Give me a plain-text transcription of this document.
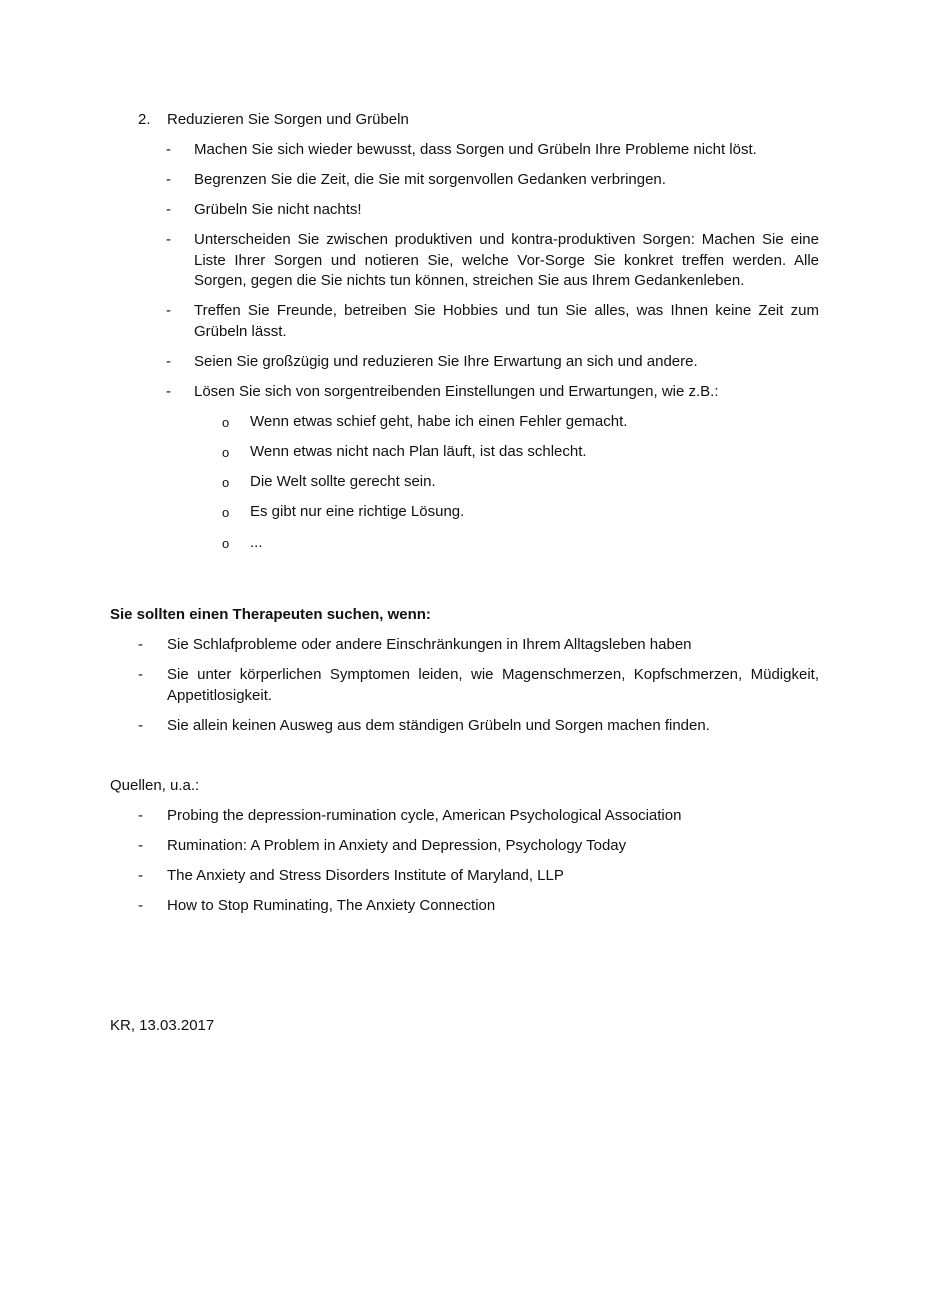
2. Reduzieren Sie Sorgen und Grübeln
- Machen Sie sich wieder bewusst, dass Sorgen und Grübeln Ihre Probleme nicht löst.
- Begrenzen Sie die Zeit, die Sie mit sorgenvollen Gedanken verbringen.
- Grübeln Sie nicht nachts!
- Unterscheiden Sie zwischen produktiven und kontra-produktiven Sorgen: Machen Sie eine Liste Ihrer Sorgen und notieren Sie, welche Vor-Sorge Sie konkret treffen werden. Alle Sorgen, gegen die Sie nichts tun können, streichen Sie aus Ihrem Gedankenleben.
- Treffen Sie Freunde, betreiben Sie Hobbies und tun Sie alles, was Ihnen keine Zeit zum Grübeln lässt.
- Seien Sie großzügig und reduzieren Sie Ihre Erwartung an sich und andere.
- Lösen Sie sich von sorgentreibenden Einstellungen und Erwartungen, wie z.B.:
o Wenn etwas schief geht, habe ich einen Fehler gemacht.
o Wenn etwas nicht nach Plan läuft, ist das schlecht.
o Die Welt sollte gerecht sein.
o Es gibt nur eine richtige Lösung.
o ...
Sie sollten einen Therapeuten suchen, wenn:
- Sie Schlafprobleme oder andere Einschränkungen in Ihrem Alltagsleben haben
- Sie unter körperlichen Symptomen leiden, wie Magenschmerzen, Kopfschmerzen, Müdigkeit, Appetitlosigkeit.
- Sie allein keinen Ausweg aus dem ständigen Grübeln und Sorgen machen finden.
Quellen, u.a.:
- Probing the depression-rumination cycle, American Psychological Association
- Rumination: A Problem in Anxiety and Depression, Psychology Today
- The Anxiety and Stress Disorders Institute of Maryland, LLP
- How to Stop Ruminating, The Anxiety Connection
KR, 13.03.2017
